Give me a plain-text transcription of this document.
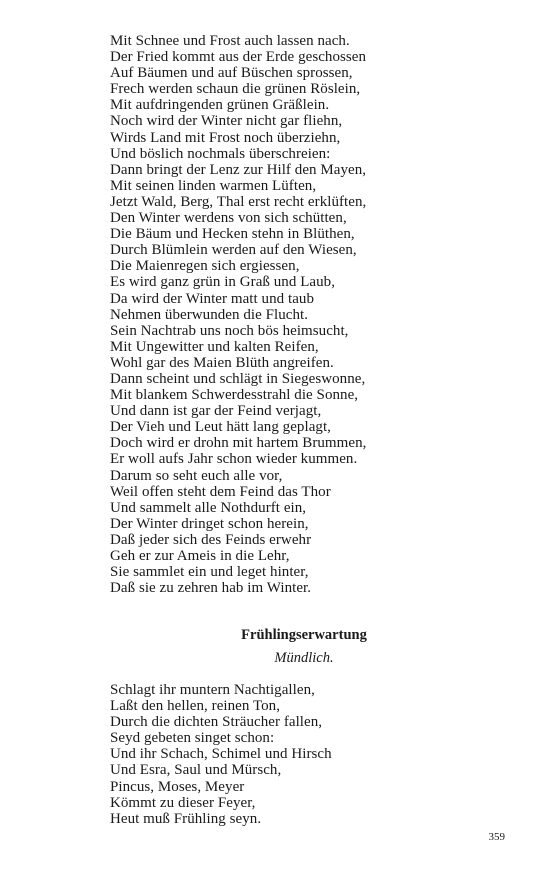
Mit Schnee und Frost auch lassen nach.
Der Fried kommt aus der Erde geschossen
Auf Bäumen und auf Büschen sprossen,
Frech werden schaun die grünen Röslein,
Mit aufdringenden grünen Gräßlein.
Noch wird der Winter nicht gar fliehn,
Wirds Land mit Frost noch überziehn,
Und böslich nochmals überschreien:
Dann bringt der Lenz zur Hilf den Mayen,
Mit seinen linden warmen Lüften,
Jetzt Wald, Berg, Thal erst recht erklüften,
Den Winter werdens von sich schütten,
Die Bäum und Hecken stehn in Blüthen,
Durch Blümlein werden auf den Wiesen,
Die Maienregen sich ergiessen,
Es wird ganz grün in Graß und Laub,
Da wird der Winter matt und taub
Nehmen überwunden die Flucht.
Sein Nachtrab uns noch bös heimsucht,
Mit Ungewitter und kalten Reifen,
Wohl gar des Maien Blüth angreifen.
Dann scheint und schlägt in Siegeswonne,
Mit blankem Schwerdesstrahl die Sonne,
Und dann ist gar der Feind verjagt,
Der Vieh und Leut hätt lang geplagt,
Doch wird er drohn mit hartem Brummen,
Er woll aufs Jahr schon wieder kummen.
Darum so seht euch alle vor,
Weil offen steht dem Feind das Thor
Und sammelt alle Nothdurft ein,
Der Winter dringet schon herein,
Daß jeder sich des Feinds erwehr
Geh er zur Ameis in die Lehr,
Sie sammlet ein und leget hinter,
Daß sie zu zehren hab im Winter.
Frühlingserwartung
Mündlich.
Schlagt ihr muntern Nachtigallen,
Laßt den hellen, reinen Ton,
Durch die dichten Sträucher fallen,
Seyd gebeten singet schon:
Und ihr Schach, Schimel und Hirsch
Und Esra, Saul und Mürsch,
Pincus, Moses, Meyer
Kömmt zu dieser Feyer,
Heut muß Frühling seyn.
359
